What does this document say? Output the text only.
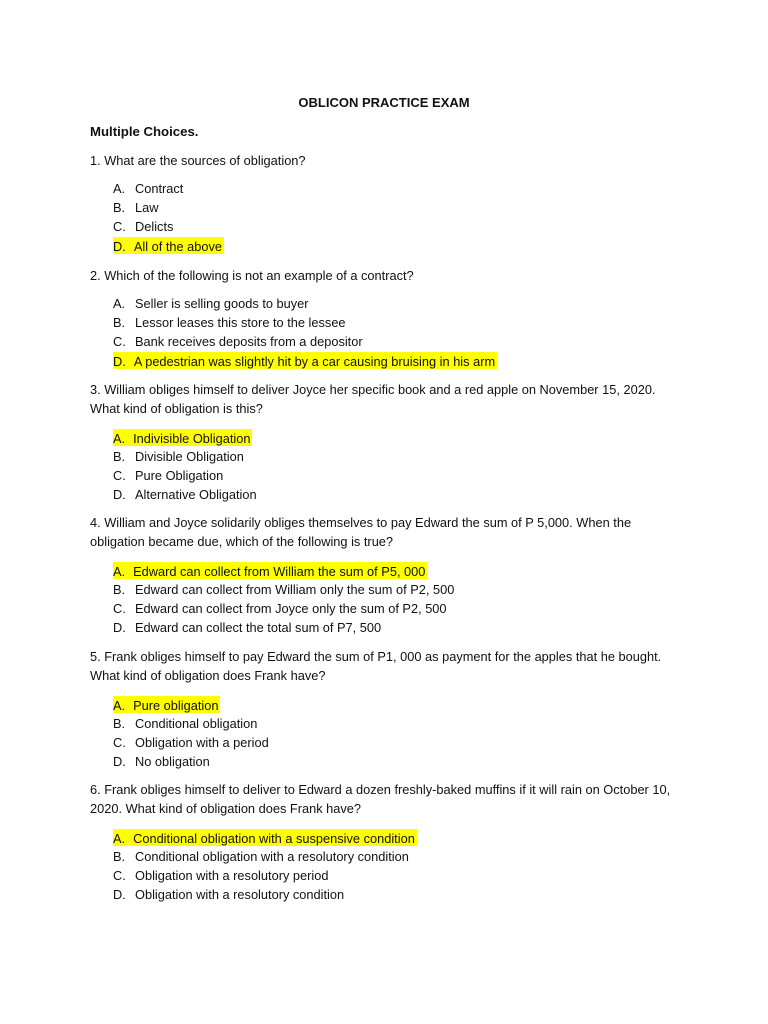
OBLICON PRACTICE EXAM
Multiple Choices.

1. What are the sources of obligation?

A. Contract
B. Law
C. Delicts
D. All of the above

2. Which of the following is not an example of a contract?

A. Seller is selling goods to buyer
B. Lessor leases this store to the lessee
C. Bank receives deposits from a depositor
D. A pedestrian was slightly hit by a car causing bruising in his arm

3. William obliges himself to deliver Joyce her specific book and a red apple on November 15, 2020.
What kind of obligation is this?

A. Indivisible Obligation
B. Divisible Obligation
C. Pure Obligation
D. Alternative Obligation

4. William and Joyce solidarily obliges themselves to pay Edward the sum of P 5,000. When the
obligation became due, which of the following is true?

A. Edward can collect from William the sum of P5, 000
B. Edward can collect from William only the sum of P2, 500
C. Edward can collect from Joyce only the sum of P2, 500
D. Edward can collect the total sum of P7, 500

5. Frank obliges himself to pay Edward the sum of P1, 000 as payment for the apples that he bought.
What kind of obligation does Frank have?

A. Pure obligation
B. Conditional obligation
C. Obligation with a period
D. No obligation

6. Frank obliges himself to deliver to Edward a dozen freshly-baked muffins if it will rain on October 10,
2020. What kind of obligation does Frank have?

A. Conditional obligation with a suspensive condition
B. Conditional obligation with a resolutory condition
C. Obligation with a resolutory period
D. Obligation with a resolutory condition
